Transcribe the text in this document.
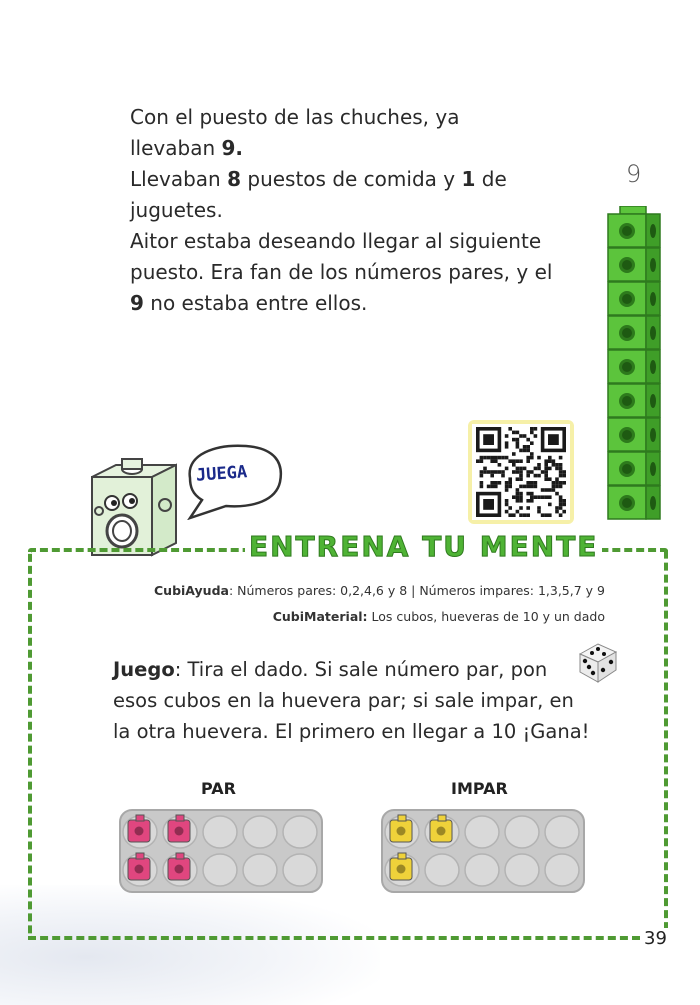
Con el puesto de las chuches, ya

llevaban 9.

Llevaban 8 puestos de comida y 1 de

juguetes.

Aitor estaba deseando llegar al siguiente

puesto. Era fan de los números pares, y el

9 no estaba entre ellos.

9
JUEGA
ENTRENA TU MENTE
CubiAyuda: Números pares: 0,2,4,6 y 8 | Números impares: 1,3,5,7 y 9
CubiMaterial: Los cubos, hueveras de 10 y un dado
Juego: Tira el dado. Si sale número par, pon
esos cubos en la huevera par; si sale impar, en
la otra huevera. El primero en llegar a 10 ¡Gana!
PAR	IMPAR
39
